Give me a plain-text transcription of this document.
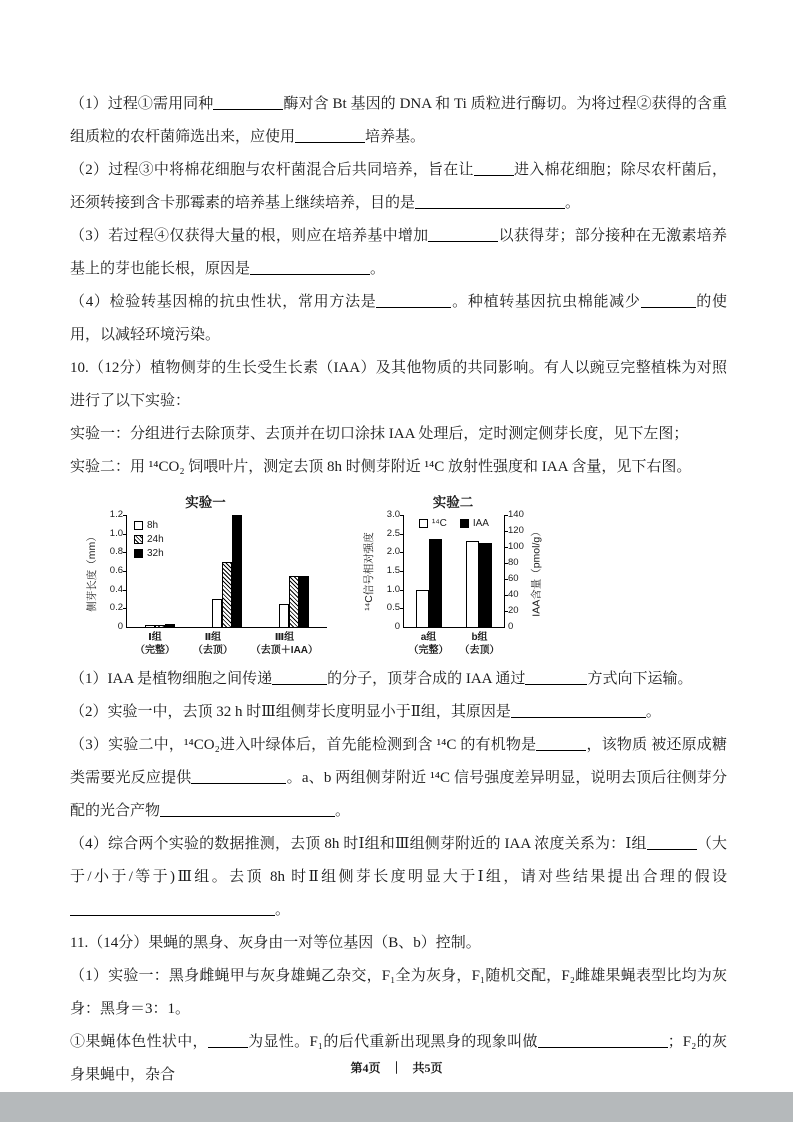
（1）过程①需用同种	酶对含 Bt 基因的 DNA 和 Ti 质粒进行酶切。为将过程②获得的含重组质粒的农杆菌筛选出来，应使用	培养基。
（2）过程③中将棉花细胞与农杆菌混合后共同培养，旨在让	进入棉花细胞；除尽农杆菌后，还须转接到含卡那霉素的培养基上继续培养，目的是	。
（3）若过程④仅获得大量的根，则应在培养基中增加	以获得芽；部分接种在无激素培养基上的芽也能长根，原因是	。
（4）检验转基因棉的抗虫性状，常用方法是	。种植转基因抗虫棉能减少	的使用，以减轻环境污染。
10.（12分）植物侧芽的生长受生长素（IAA）及其他物质的共同影响。有人以豌豆完整植株为对照进行了以下实验：
实验一：分组进行去除顶芽、去顶并在切口涂抹 IAA 处理后，定时测定侧芽长度，见下左图；
实验二：用 ¹⁴CO₂ 饲喂叶片，测定去顶 8h 时侧芽附近 ¹⁴C 放射性强度和 IAA 含量，见下右图。
实验一
侧芽长度（mm）
0
0.2
0.4
0.6
0.8
1.0
1.2
8h
24h
32h
Ⅰ组
（完整）
Ⅱ组
（去顶）
Ⅲ组
（去顶＋IAA）
实验二
¹⁴C信号相对强度
0
0.5
1.0
1.5
2.0
2.5
3.0
¹⁴C	IAA
a组
（完整）
b组
（去顶）
0
20
40
60
80
100
120
140
IAA含量（pmol/g）
（1）IAA 是植物细胞之间传递	的分子，顶芽合成的 IAA 通过	方式向下运输。
（2）实验一中，去顶 32 h 时Ⅲ组侧芽长度明显小于Ⅱ组，其原因是	。
（3）实验二中，¹⁴CO₂进入叶绿体后，首先能检测到含 ¹⁴C 的有机物是	，该物质 被还原成糖类需要光反应提供	。a、b 两组侧芽附近 ¹⁴C 信号强度差异明显，说明去顶后往侧芽分配的光合产物	。
（4）综合两个实验的数据推测，去顶 8h 时Ⅰ组和Ⅲ组侧芽附近的 IAA 浓度关系为：Ⅰ组	（大于/小于/等于)Ⅲ组。去顶 8h 时Ⅱ组侧芽长度明显大于Ⅰ组，请对些结果提出合理的假设 。
11.（14分）果蝇的黑身、灰身由一对等位基因（B、b）控制。
（1）实验一：黑身雌蝇甲与灰身雄蝇乙杂交，F₁全为灰身，F₁随机交配，F₂雌雄果蝇表型比均为灰身：黑身＝3：1。
①果蝇体色性状中，	为显性。F₁的后代重新出现黑身的现象叫做	；F₂的灰身果蝇中，杂合	第4页 ｜ 共5页
